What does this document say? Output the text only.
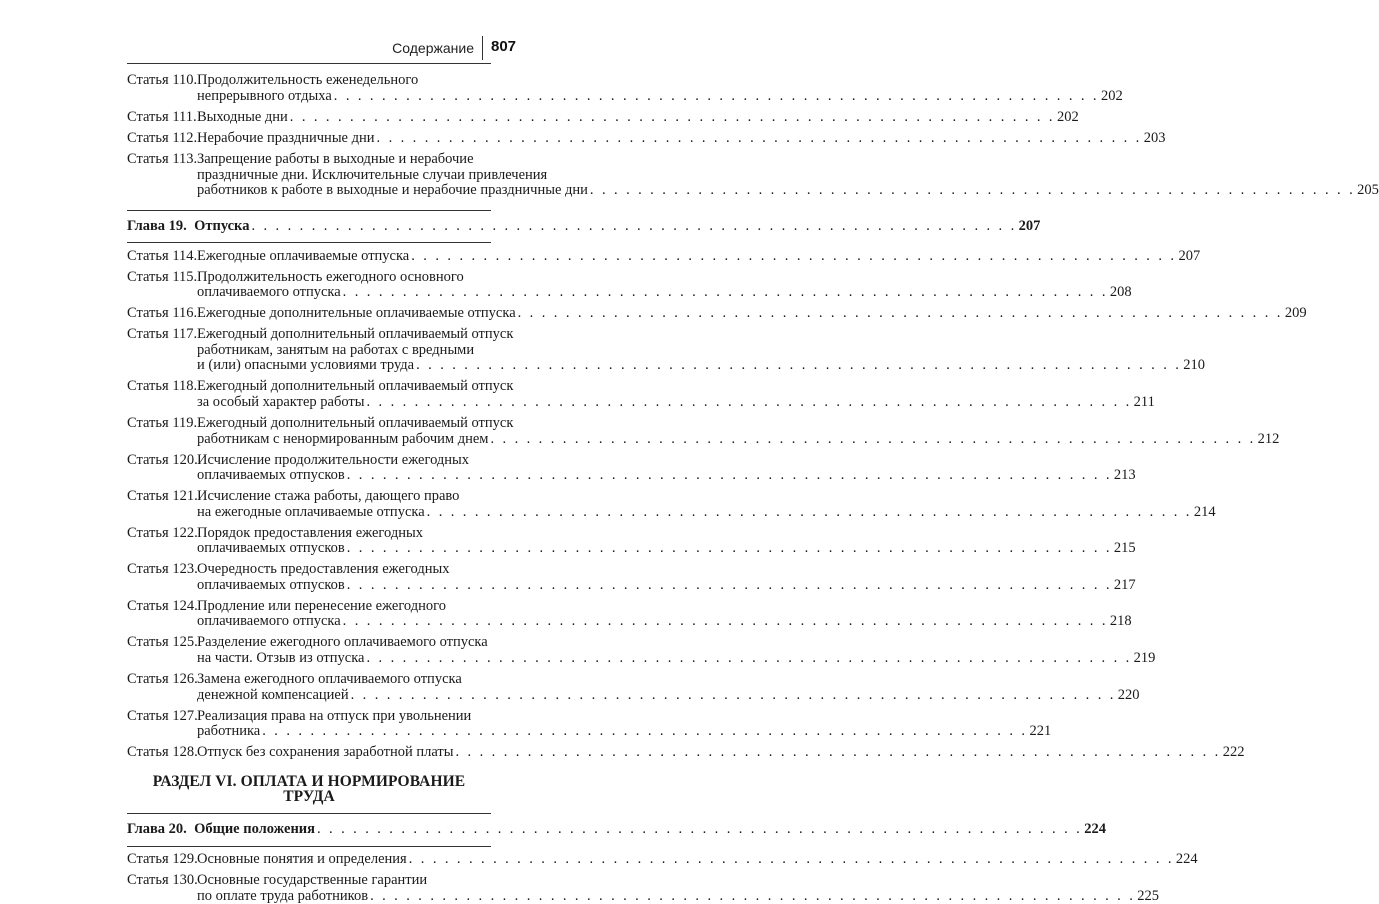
Содержание 807
Статья 110.Продолжительность еженедельного
непрерывного отдыха . . . . . . . . . . . . . . . . . . . . . . . . . . . . . . . . . . . . . . . . . . . . . . . . . . . . . . . . . . . . . . . . 202
Статья 111.Выходные дни . . . . . . . . . . . . . . . . . . . . . . . . . . . . . . . . . . . . . . . . . . . . . . . . . . . . . . . . . . . . . . . . 202
Статья 112.Нерабочие праздничные дни . . . . . . . . . . . . . . . . . . . . . . . . . . . . . . . . . . . . . . . . . . . . . . . . . . . . . . . . . . . . . . . . 203
Статья 113.Запрещение работы в выходные и нерабочие
праздничные дни. Исключительные случаи привлечения
работников к работе в выходные и нерабочие праздничные дни . . . . . . . . . . . . . . . . . . . . . . . . . . . . . . . . . . . . . . . . . . . . . . . . . . . . . . . . . . . . . . . . 205
Глава 19. Отпуска . . . . . . . . . . . . . . . . . . . . . . . . . . . . . . . . . . . . . . . . . . . . . . . . . . . . . . . . . . . . . . . . 207
Статья 114.Ежегодные оплачиваемые отпуска . . . . . . . . . . . . . . . . . . . . . . . . . . . . . . . . . . . . . . . . . . . . . . . . . . . . . . . . . . . . . . . . 207
Статья 115.Продолжительность ежегодного основного
оплачиваемого отпуска . . . . . . . . . . . . . . . . . . . . . . . . . . . . . . . . . . . . . . . . . . . . . . . . . . . . . . . . . . . . . . . . 208
Статья 116.Ежегодные дополнительные оплачиваемые отпуска . . . . . . . . . . . . . . . . . . . . . . . . . . . . . . . . . . . . . . . . . . . . . . . . . . . . . . . . . . . . . . . . 209
Статья 117.Ежегодный дополнительный оплачиваемый отпуск
работникам, занятым на работах с вредными
и (или) опасными условиями труда . . . . . . . . . . . . . . . . . . . . . . . . . . . . . . . . . . . . . . . . . . . . . . . . . . . . . . . . . . . . . . . . 210
Статья 118.Ежегодный дополнительный оплачиваемый отпуск
за особый характер работы . . . . . . . . . . . . . . . . . . . . . . . . . . . . . . . . . . . . . . . . . . . . . . . . . . . . . . . . . . . . . . . . 211
Статья 119.Ежегодный дополнительный оплачиваемый отпуск
работникам с ненормированным рабочим днем . . . . . . . . . . . . . . . . . . . . . . . . . . . . . . . . . . . . . . . . . . . . . . . . . . . . . . . . . . . . . . . . 212
Статья 120.Исчисление продолжительности ежегодных
оплачиваемых отпусков . . . . . . . . . . . . . . . . . . . . . . . . . . . . . . . . . . . . . . . . . . . . . . . . . . . . . . . . . . . . . . . . 213
Статья 121.Исчисление стажа работы, дающего право
на ежегодные оплачиваемые отпуска . . . . . . . . . . . . . . . . . . . . . . . . . . . . . . . . . . . . . . . . . . . . . . . . . . . . . . . . . . . . . . . . 214
Статья 122.Порядок предоставления ежегодных
оплачиваемых отпусков . . . . . . . . . . . . . . . . . . . . . . . . . . . . . . . . . . . . . . . . . . . . . . . . . . . . . . . . . . . . . . . . 215
Статья 123.Очередность предоставления ежегодных
оплачиваемых отпусков . . . . . . . . . . . . . . . . . . . . . . . . . . . . . . . . . . . . . . . . . . . . . . . . . . . . . . . . . . . . . . . . 217
Статья 124.Продление или перенесение ежегодного
оплачиваемого отпуска . . . . . . . . . . . . . . . . . . . . . . . . . . . . . . . . . . . . . . . . . . . . . . . . . . . . . . . . . . . . . . . . 218
Статья 125.Разделение ежегодного оплачиваемого отпуска
на части. Отзыв из отпуска . . . . . . . . . . . . . . . . . . . . . . . . . . . . . . . . . . . . . . . . . . . . . . . . . . . . . . . . . . . . . . . . 219
Статья 126.Замена ежегодного оплачиваемого отпуска
денежной компенсацией . . . . . . . . . . . . . . . . . . . . . . . . . . . . . . . . . . . . . . . . . . . . . . . . . . . . . . . . . . . . . . . . 220
Статья 127.Реализация права на отпуск при увольнении
работника . . . . . . . . . . . . . . . . . . . . . . . . . . . . . . . . . . . . . . . . . . . . . . . . . . . . . . . . . . . . . . . . 221
Статья 128.Отпуск без сохранения заработной платы . . . . . . . . . . . . . . . . . . . . . . . . . . . . . . . . . . . . . . . . . . . . . . . . . . . . . . . . . . . . . . . . 222
РАЗДЕЛ VI. ОПЛАТА И НОРМИРОВАНИЕ ТРУДА
Глава 20. Общие положения . . . . . . . . . . . . . . . . . . . . . . . . . . . . . . . . . . . . . . . . . . . . . . . . . . . . . . . . . . . . . . . . 224
Статья 129.Основные понятия и определения . . . . . . . . . . . . . . . . . . . . . . . . . . . . . . . . . . . . . . . . . . . . . . . . . . . . . . . . . . . . . . . . 224
Статья 130.Основные государственные гарантии
по оплате труда работников . . . . . . . . . . . . . . . . . . . . . . . . . . . . . . . . . . . . . . . . . . . . . . . . . . . . . . . . . . . . . . . . 225
